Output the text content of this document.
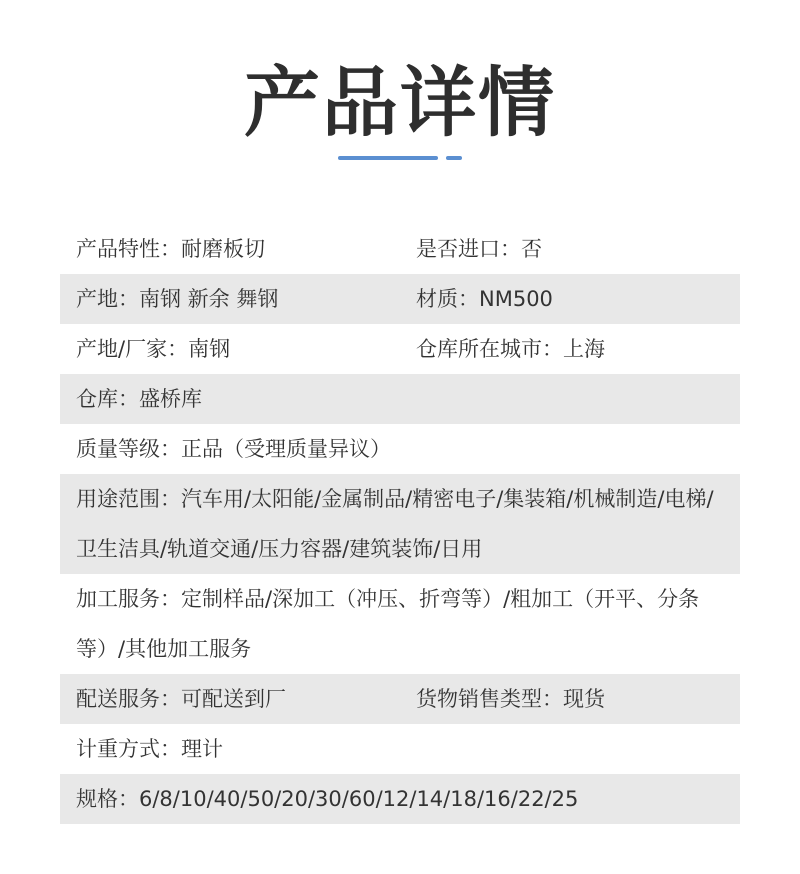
产品详情
产品特性：耐磨板切	是否进口：否
产地：南钢 新余 舞钢	材质：NM500
产地/厂家：南钢	仓库所在城市：上海
仓库：盛桥库
质量等级：正品（受理质量异议）
用途范围：汽车用/太阳能/金属制品/精密电子/集装箱/机械制造/电梯/卫生洁具/轨道交通/压力容器/建筑装饰/日用
加工服务：定制样品/深加工（冲压、折弯等）/粗加工（开平、分条等）/其他加工服务
配送服务：可配送到厂	货物销售类型：现货
计重方式：理计
规格：6/8/10/40/50/20/30/60/12/14/18/16/22/25
